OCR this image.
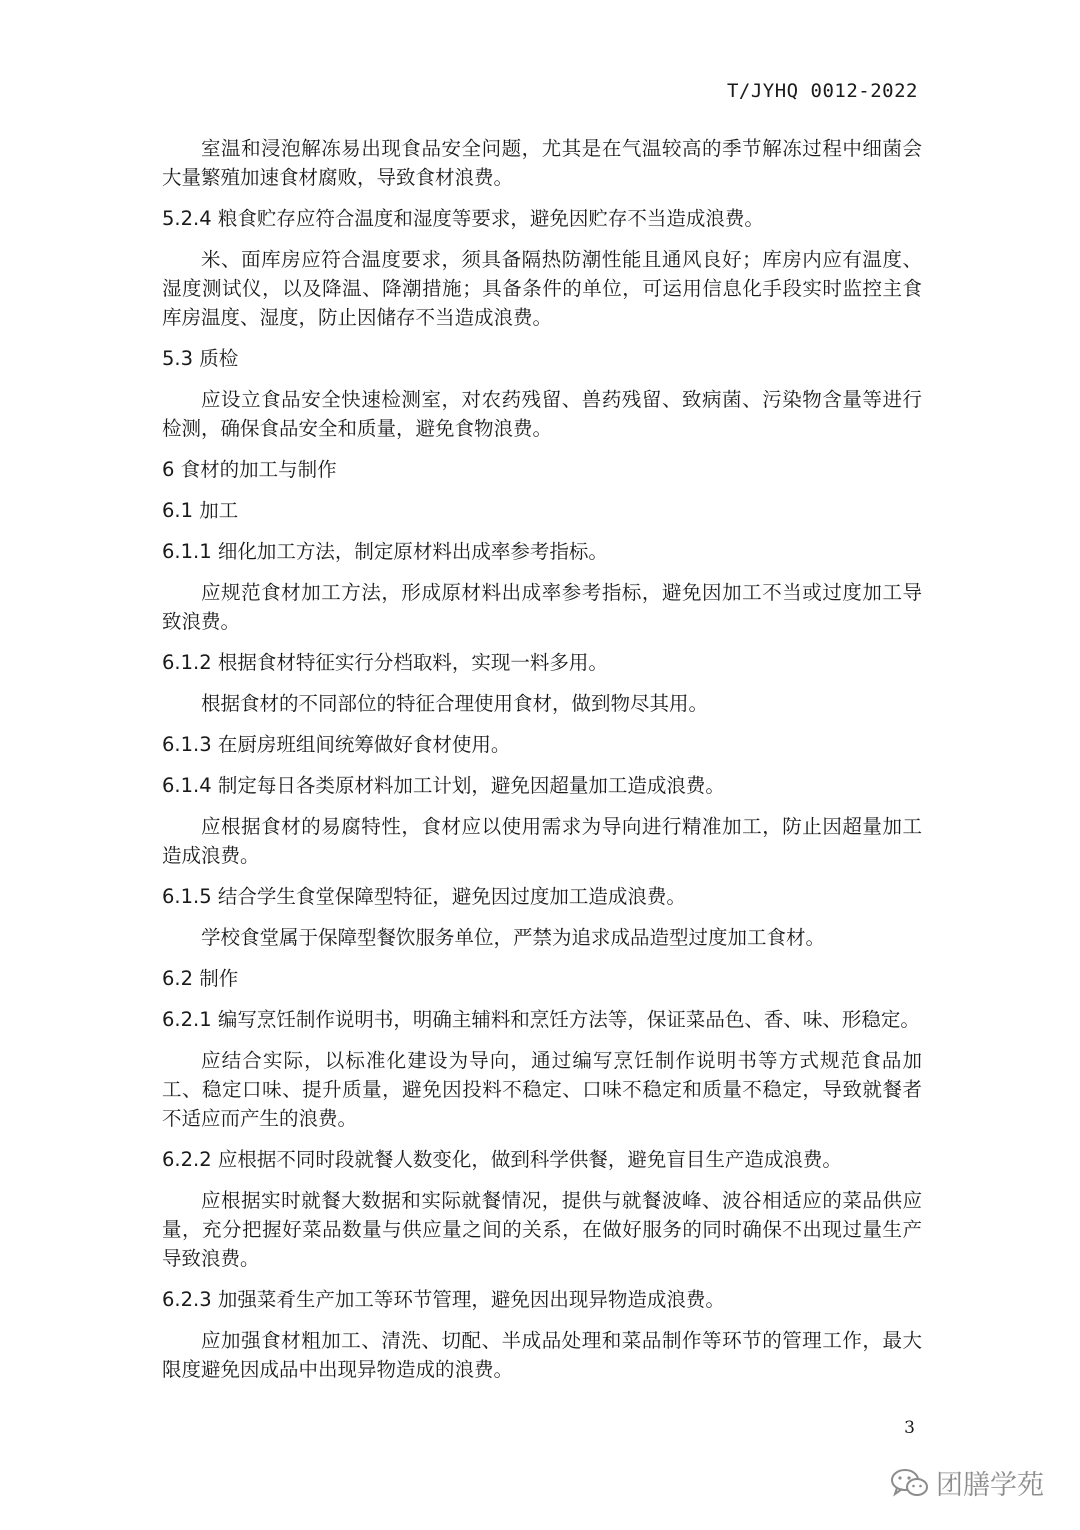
T/JYHQ 0012-2022

室温和浸泡解冻易出现食品安全问题，尤其是在气温较高的季节解冻过程中细菌会大量繁殖加速食材腐败，导致食材浪费。

5.2.4 粮食贮存应符合温度和湿度等要求，避免因贮存不当造成浪费。

米、面库房应符合温度要求，须具备隔热防潮性能且通风良好；库房内应有温度、湿度测试仪，以及降温、降潮措施；具备条件的单位，可运用信息化手段实时监控主食库房温度、湿度，防止因储存不当造成浪费。

5.3 质检

应设立食品安全快速检测室，对农药残留、兽药残留、致病菌、污染物含量等进行检测，确保食品安全和质量，避免食物浪费。

6 食材的加工与制作

6.1 加工

6.1.1 细化加工方法，制定原材料出成率参考指标。

应规范食材加工方法，形成原材料出成率参考指标，避免因加工不当或过度加工导致浪费。

6.1.2 根据食材特征实行分档取料，实现一料多用。

根据食材的不同部位的特征合理使用食材，做到物尽其用。

6.1.3 在厨房班组间统筹做好食材使用。

6.1.4 制定每日各类原材料加工计划，避免因超量加工造成浪费。

应根据食材的易腐特性，食材应以使用需求为导向进行精准加工，防止因超量加工造成浪费。

6.1.5 结合学生食堂保障型特征，避免因过度加工造成浪费。

学校食堂属于保障型餐饮服务单位，严禁为追求成品造型过度加工食材。

6.2 制作

6.2.1 编写烹饪制作说明书，明确主辅料和烹饪方法等，保证菜品色、香、味、形稳定。

应结合实际，以标准化建设为导向，通过编写烹饪制作说明书等方式规范食品加工、稳定口味、提升质量，避免因投料不稳定、口味不稳定和质量不稳定，导致就餐者不适应而产生的浪费。

6.2.2 应根据不同时段就餐人数变化，做到科学供餐，避免盲目生产造成浪费。

应根据实时就餐大数据和实际就餐情况，提供与就餐波峰、波谷相适应的菜品供应量，充分把握好菜品数量与供应量之间的关系，在做好服务的同时确保不出现过量生产导致浪费。

6.2.3 加强菜肴生产加工等环节管理，避免因出现异物造成浪费。

应加强食材粗加工、清洗、切配、半成品处理和菜品制作等环节的管理工作，最大限度避免因成品中出现异物造成的浪费。

3
团膳学苑
